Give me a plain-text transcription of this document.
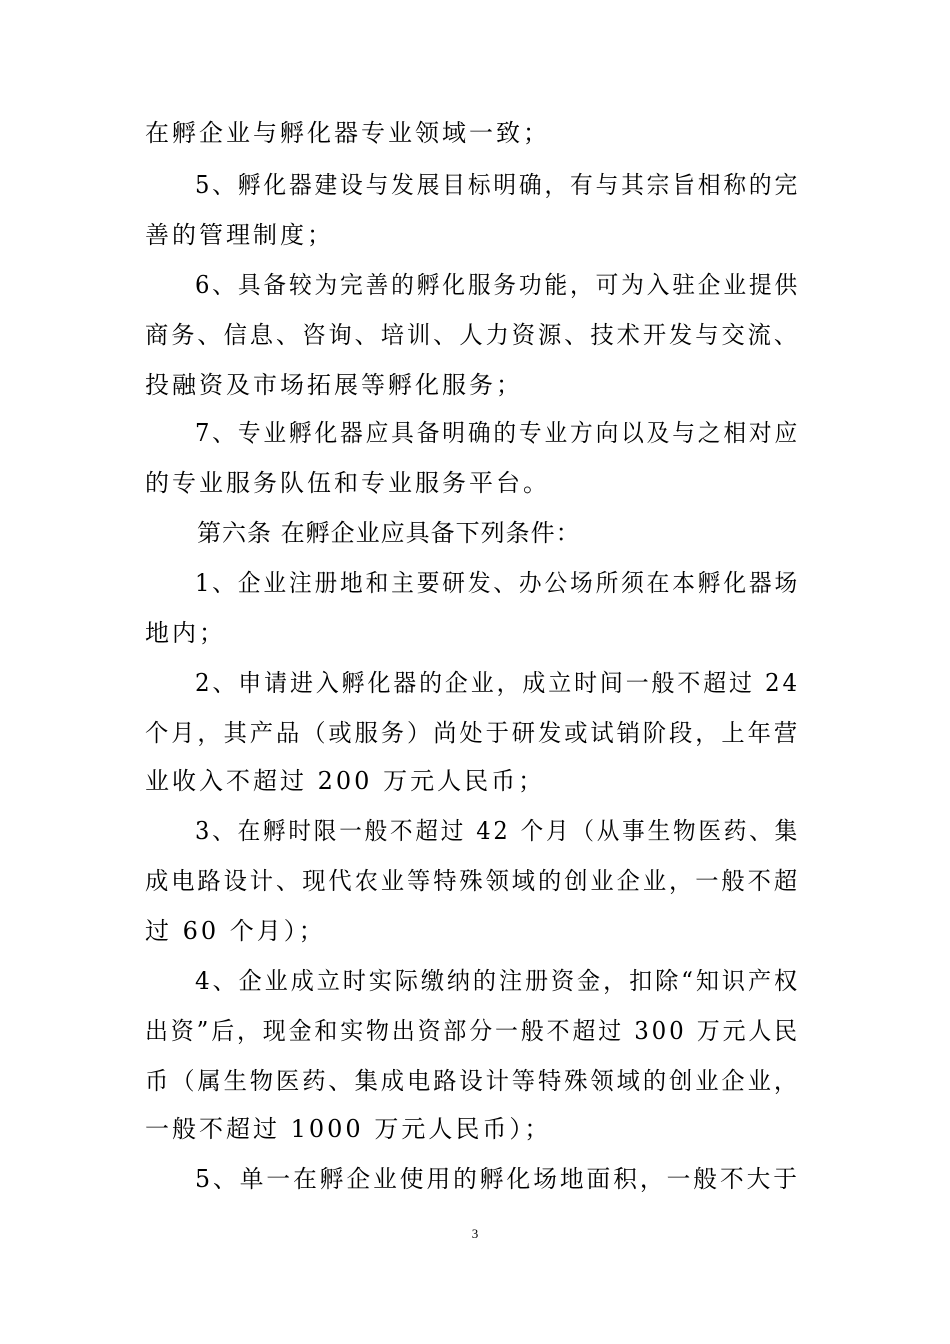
在孵企业与孵化器专业领域一致；
5、孵化器建设与发展目标明确，有与其宗旨相称的完
善的管理制度；
6、具备较为完善的孵化服务功能，可为入驻企业提供
商务、信息、咨询、培训、人力资源、技术开发与交流、
投融资及市场拓展等孵化服务；
7、专业孵化器应具备明确的专业方向以及与之相对应
的专业服务队伍和专业服务平台。
第六条 在孵企业应具备下列条件：
1、企业注册地和主要研发、办公场所须在本孵化器场
地内；
2、申请进入孵化器的企业，成立时间一般不超过 24
个月，其产品（或服务）尚处于研发或试销阶段，上年营
业收入不超过 200 万元人民币；
3、在孵时限一般不超过 42 个月（从事生物医药、集
成电路设计、现代农业等特殊领域的创业企业，一般不超
过 60 个月）；
4、企业成立时实际缴纳的注册资金，扣除“知识产权
出资”后，现金和实物出资部分一般不超过 300 万元人民
币（属生物医药、集成电路设计等特殊领域的创业企业，
一般不超过 1000 万元人民币）；
5、单一在孵企业使用的孵化场地面积，一般不大于
3
